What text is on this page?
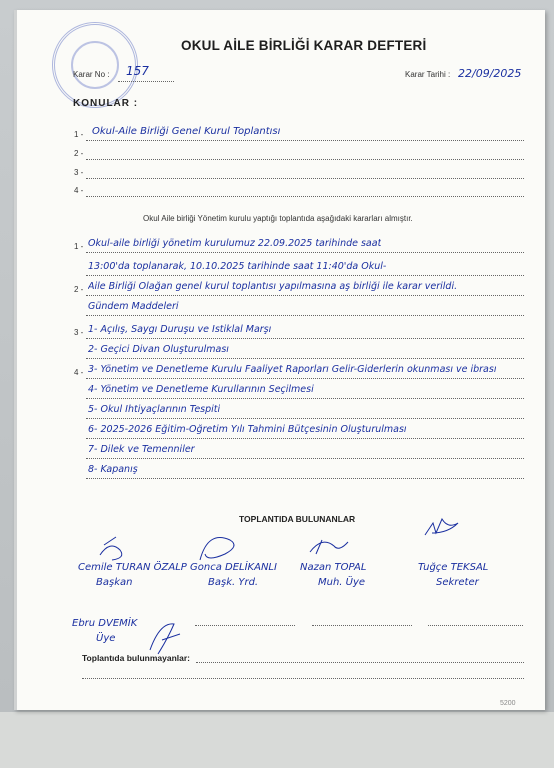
OKUL AİLE BİRLİĞİ KARAR DEFTERİ
Karar No : 157	Karar Tarihi : 22/09/2025
KONULAR :
1 - Okul-Aile Birliği Genel Kurul Toplantısı
2 -
3 -
4 -
Okul Aile birliği Yönetim kurulu yaptığı toplantıda aşağıdaki kararları almıştır.
1 - Okul-aile birliği yönetim kurulumuz 22.09.2025 tarihinde saat
13:00'da toplanarak, 10.10.2025 tarihinde saat 11:40'da Okul-
2 - Aile Birliği Olağan genel kurul toplantısı yapılmasına aş birliği ile karar verildi.
Gündem Maddeleri
3 - 1- Açılış, Saygı Duruşu ve İstiklal Marşı
2- Geçici Divan Oluşturulması
4 - 3- Yönetim ve Denetleme Kurulu Faaliyet Raporları Gelir-Giderlerin okunması ve ibrası
4- Yönetim ve Denetleme Kurullarının Seçilmesi
5- Okul İhtiyaçlarının Tespiti
6- 2025-2026 Eğitim-Öğretim Yılı Tahmini Bütçesinin Oluşturulması
7- Dilek ve Temenniler
8- Kapanış
TOPLANTIDA BULUNANLAR
Cemile TURAN ÖZALP
Başkan
Gonca DELİKANLI
Başk. Yrd.
Nazan TOPAL
Muh. Üye
Tuğçe TEKSAL
Sekreter
Ebru DVEMİK
Üye
Toplantıda bulunmayanlar:
5200
